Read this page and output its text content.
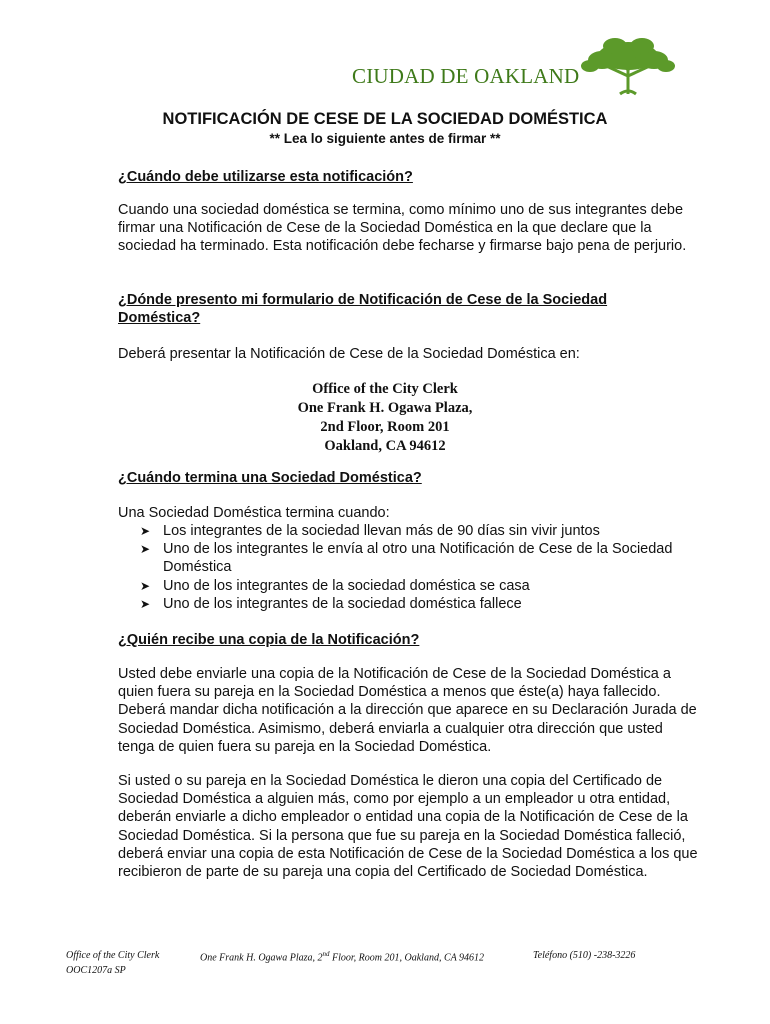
CIUDAD DE OAKLAND
NOTIFICACIÓN DE CESE DE LA SOCIEDAD DOMÉSTICA
** Lea lo siguiente antes de firmar **
¿Cuándo debe utilizarse esta notificación?
Cuando una sociedad doméstica se termina, como mínimo uno de sus integrantes debe firmar una Notificación de Cese de la Sociedad Doméstica en la que declare que la sociedad ha terminado. Esta notificación debe fecharse y firmarse bajo pena de perjurio.
¿Dónde presento mi formulario de Notificación de Cese de la Sociedad Doméstica?
Deberá presentar la Notificación de Cese de la Sociedad Doméstica en:
Office of the City Clerk
One Frank H. Ogawa Plaza,
2nd Floor, Room 201
Oakland, CA 94612
¿Cuándo termina una Sociedad Doméstica?
Una Sociedad Doméstica termina cuando:
➤ Los integrantes de la sociedad llevan más de 90 días sin vivir juntos
➤ Uno de los integrantes le envía al otro una Notificación de Cese de la Sociedad Doméstica
➤ Uno de los integrantes de la sociedad doméstica se casa
➤ Uno de los integrantes de la sociedad doméstica fallece
¿Quién recibe una copia de la Notificación?
Usted debe enviarle una copia de la Notificación de Cese de la Sociedad Doméstica a quien fuera su pareja en la Sociedad Doméstica a menos que éste(a) haya fallecido. Deberá mandar dicha notificación a la dirección que aparece en su Declaración Jurada de Sociedad Doméstica. Asimismo, deberá enviarla a cualquier otra dirección que usted tenga de quien fuera su pareja en la Sociedad Doméstica.
Si usted o su pareja en la Sociedad Doméstica le dieron una copia del Certificado de Sociedad Doméstica a alguien más, como por ejemplo a un empleador u otra entidad, deberán enviarle a dicho empleador o entidad una copia de la Notificación de Cese de la Sociedad Doméstica. Si la persona que fue su pareja en la Sociedad Doméstica falleció, deberá enviar una copia de esta Notificación de Cese de la Sociedad Doméstica a los que recibieron de parte de su pareja una copia del Certificado de Sociedad Doméstica.
Office of the City Clerk	One Frank H. Ogawa Plaza, 2nd Floor, Room 201, Oakland, CA 94612	Teléfono (510) -238-3226
OOC1207a SP
